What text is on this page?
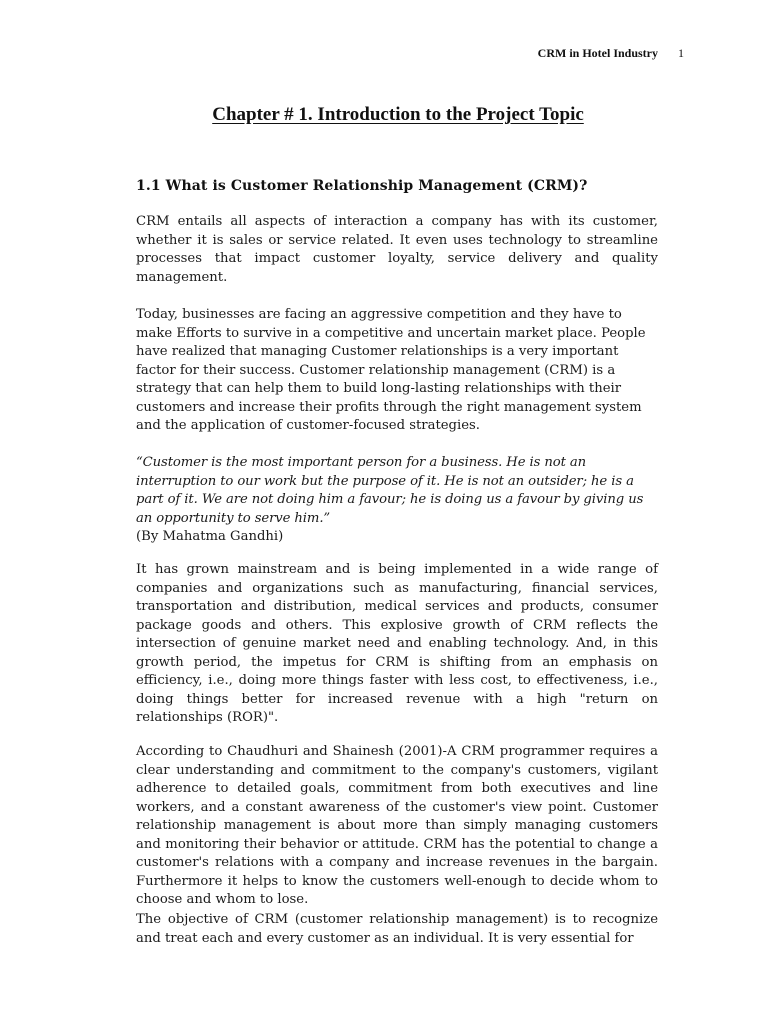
CRM in Hotel Industry 1
Chapter # 1. Introduction to the Project Topic
1.1 What is Customer Relationship Management (CRM)?

CRM entails all aspects of interaction a company has with its customer, whether it is sales or service related. It even uses technology to streamline processes that impact customer loyalty, service delivery and quality management.

Today, businesses are facing an aggressive competition and they have to make Efforts to survive in a competitive and uncertain market place. People have realized that managing Customer relationships is a very important factor for their success. Customer relationship management (CRM) is a strategy that can help them to build long-lasting relationships with their customers and increase their profits through the right management system and the application of customer-focused strategies.

“Customer is the most important person for a business. He is not an interruption to our work but the purpose of it. He is not an outsider; he is a part of it. We are not doing him a favour; he is doing us a favour by giving us an opportunity to serve him.”

(By Mahatma Gandhi)

It has grown mainstream and is being implemented in a wide range of companies and organizations such as manufacturing, financial services, transportation and distribution, medical services and products, consumer package goods and others. This explosive growth of CRM reflects the intersection of genuine market need and enabling technology. And, in this growth period, the impetus for CRM is shifting from an emphasis on efficiency, i.e., doing more things faster with less cost, to effectiveness, i.e., doing things better for increased revenue with a high "return on relationships (ROR)".

According to Chaudhuri and Shainesh (2001)-A CRM programmer requires a clear understanding and commitment to the company's customers, vigilant adherence to detailed goals, commitment from both executives and line workers, and a constant awareness of the customer's view point. Customer relationship management is about more than simply managing customers and monitoring their behavior or attitude. CRM has the potential to change a customer's relations with a company and increase revenues in the bargain. Furthermore it helps to know the customers well-enough to decide whom to choose and whom to lose.

The objective of CRM (customer relationship management) is to recognize and treat each and every customer as an individual. It is very essential for
